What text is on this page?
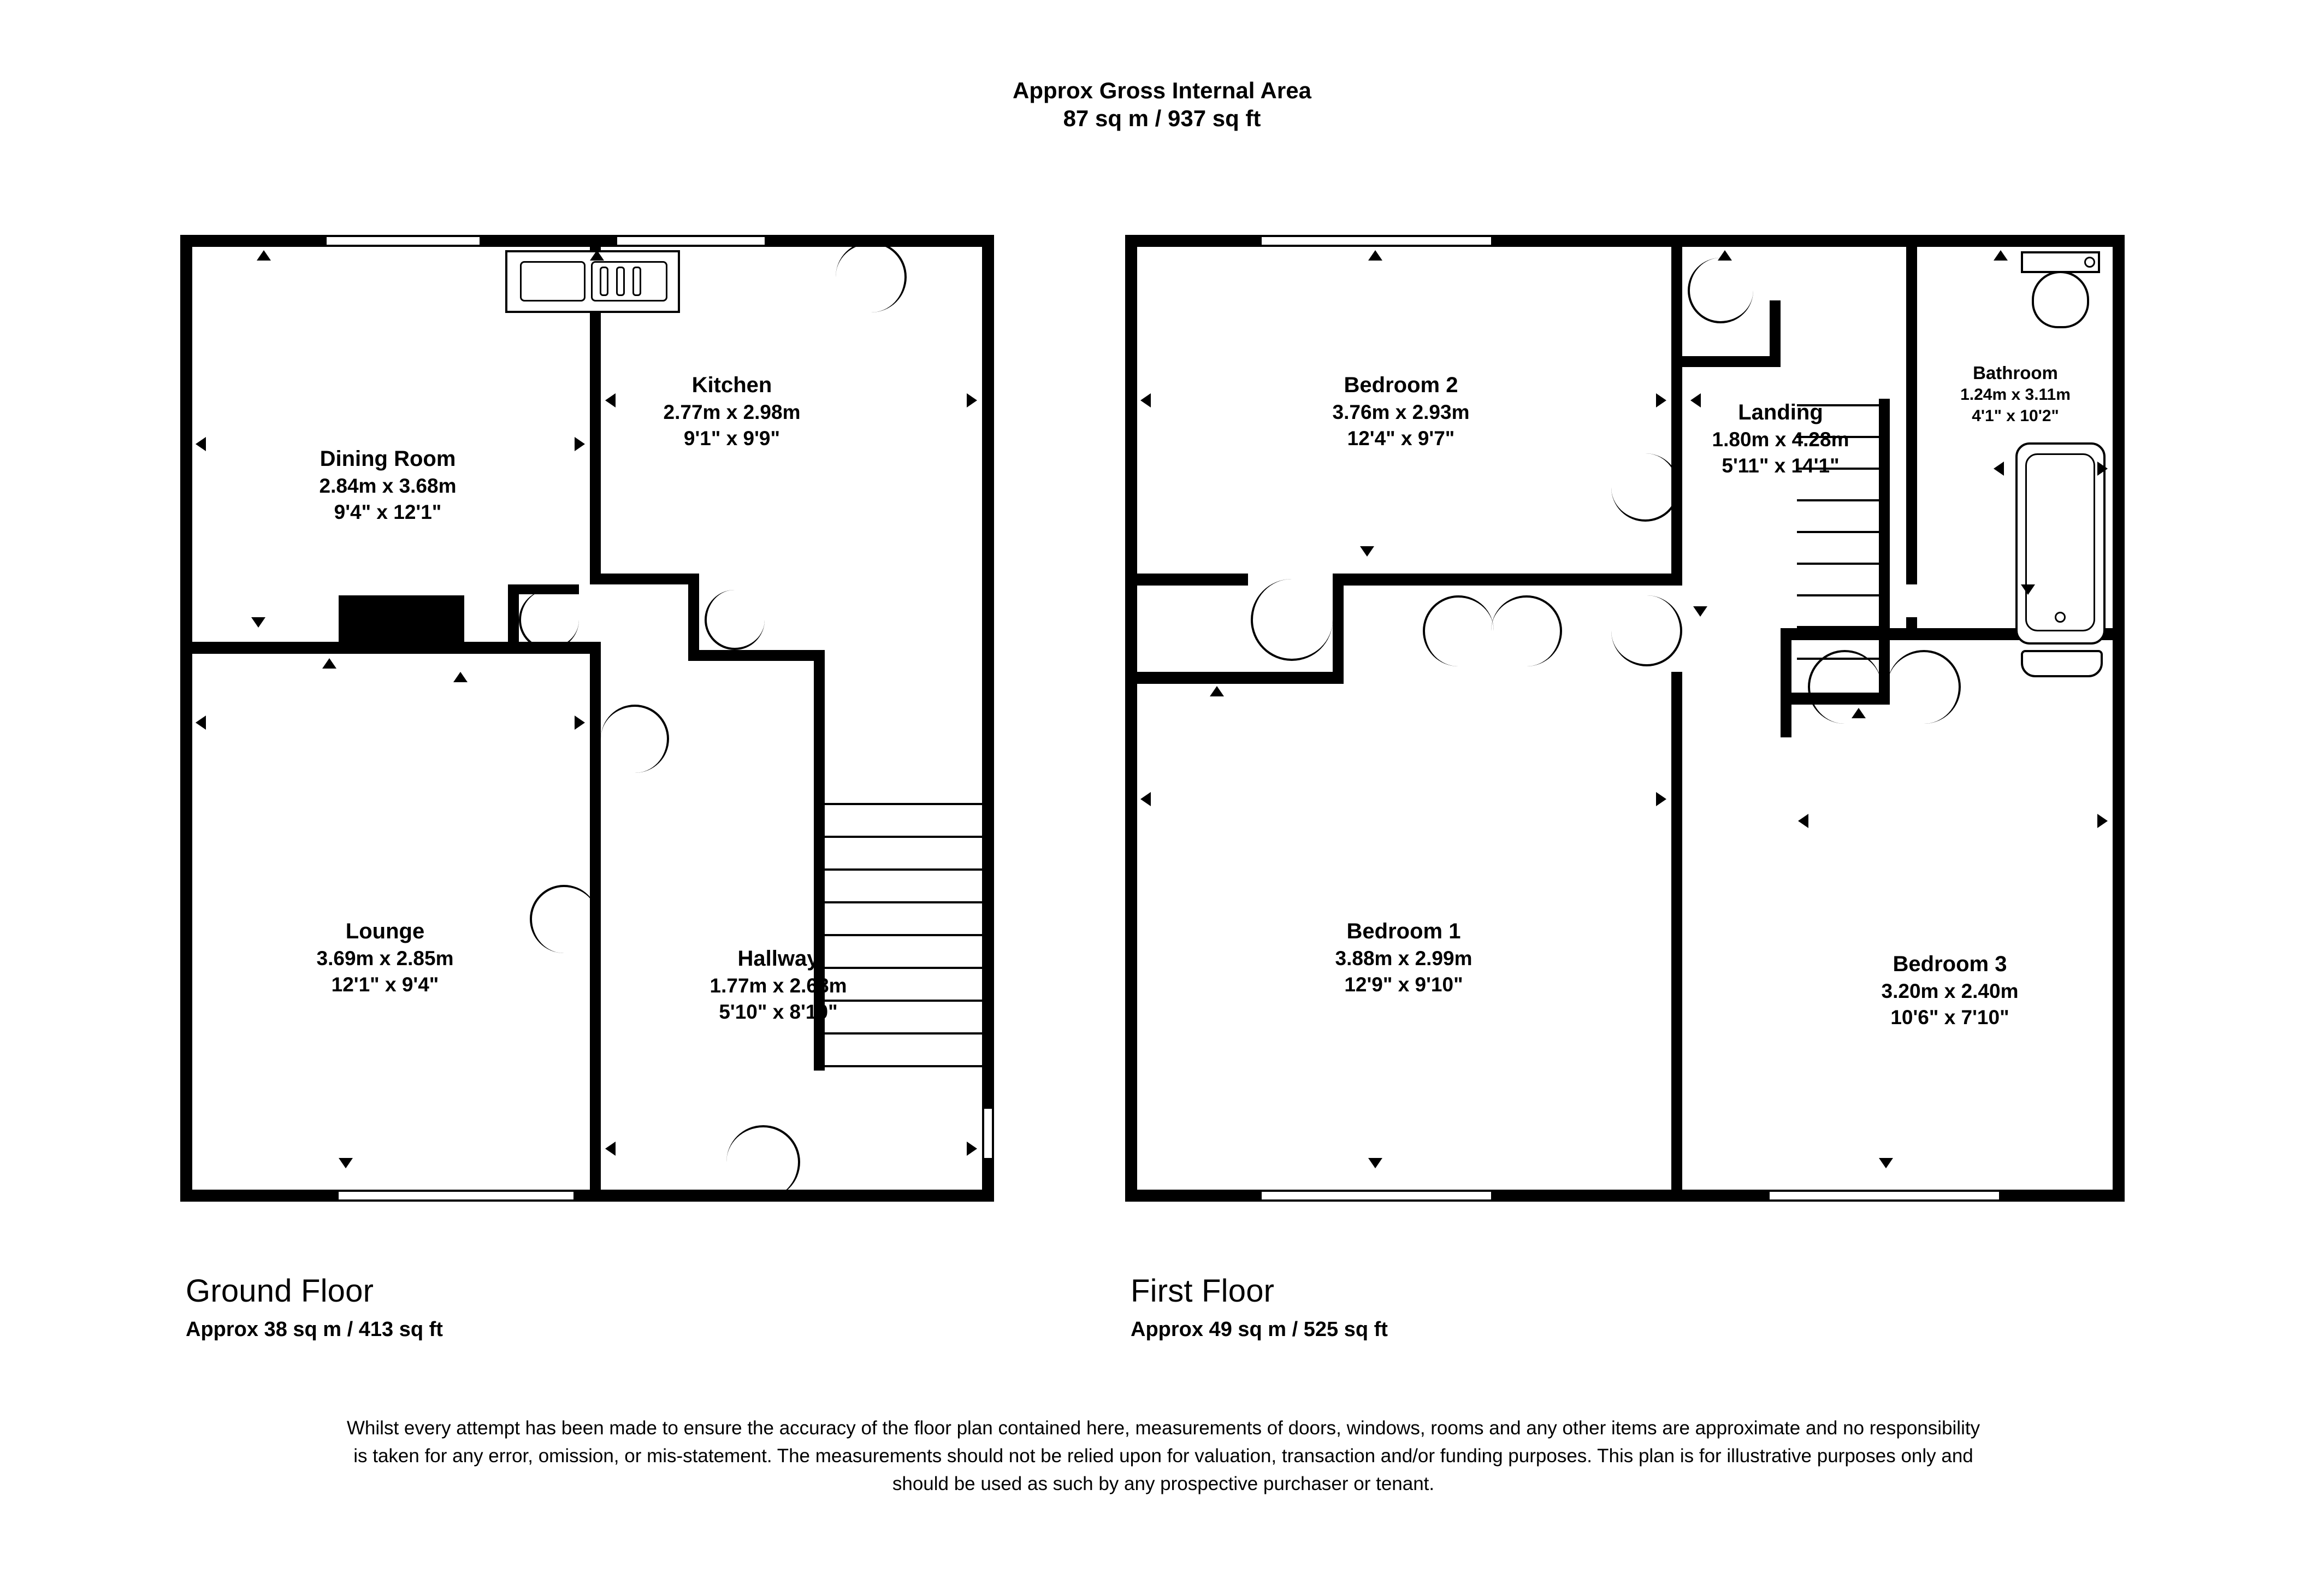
Approx Gross Internal Area
87 sq m / 937 sq ft
Kitchen
2.77m x 2.98m
9'1" x 9'9"
Dining Room
2.84m x 3.68m
9'4" x 12'1"
Lounge
3.69m x 2.85m
12'1" x 9'4"
Hallway
1.77m x 2.68m
5'10" x 8'10"
Bedroom 2
3.76m x 2.93m
12'4" x 9'7"
Landing
1.80m x 4.28m
5'11" x 14'1"
Bathroom
1.24m x 3.11m
4'1" x 10'2"
Bedroom 1
3.88m x 2.99m
12'9" x 9'10"
Bedroom 3
3.20m x 2.40m
10'6" x 7'10"
Ground Floor
Approx 38 sq m / 413 sq ft
First Floor
Approx 49 sq m / 525 sq ft
Whilst every attempt has been made to ensure the accuracy of the floor plan contained here, measurements of doors, windows, rooms and any other items are approximate and no responsibility is taken for any error, omission, or mis-statement. The measurements should not be relied upon for valuation, transaction and/or funding purposes. This plan is for illustrative purposes only and should be used as such by any prospective purchaser or tenant.
